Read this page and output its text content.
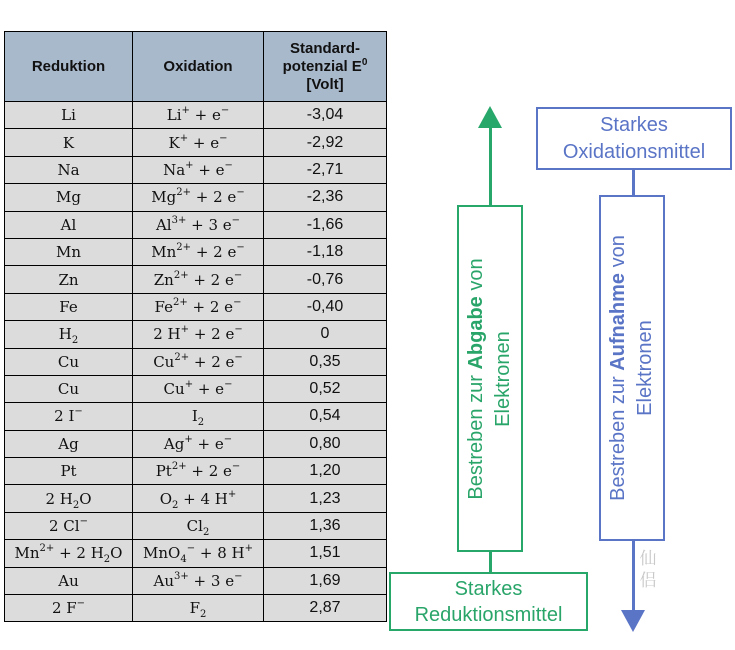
Reduktion	Oxidation	Standard-
potenzial $E^0$
[Volt]
Li	Li+ + e−	-3,04
K	K+ + e−	-2,92
Na	Na+ + e−	-2,71
Mg	$Mg^{2+} + 2$ e−	-2,36
Al	$Al^{3+} + 3$ e−	-1,66
Mn	$Mn^{2+} + 2$ e−	-1,18
Zn	$Zn^{2+} + 2$ e−	-0,76
Fe	$Fe^{2+} + 2$ e−	-0,40
$H_2$	2 H+ + 2 e−	0
Cu	$Cu^{2+} + 2$ e−	0,35
Cu	Cu+ + e−	0,52
2 I−	$I_2$	0,54
Ag	Ag+ + e−	0,80
Pt	$Pt^{2+} + 2$ e−	1,20
2 $H_2O$	$O_2 + 4$ H+	1,23
2 Cl−	$Cl_2$	1,36
$Mn^{2+} + 2$ $H_2O$	MnO$_4$− + 8 H+	1,51
Au	$Au^{3+} + 3$ e−	1,69
2 F−	$F_2$	2,87
Bestreben zur Abgabe von
Elektronen
Starkes
Reduktionsmittel
Starkes
Oxidationsmittel
Bestreben zur Aufnahme von
Elektronen
仙
侣
